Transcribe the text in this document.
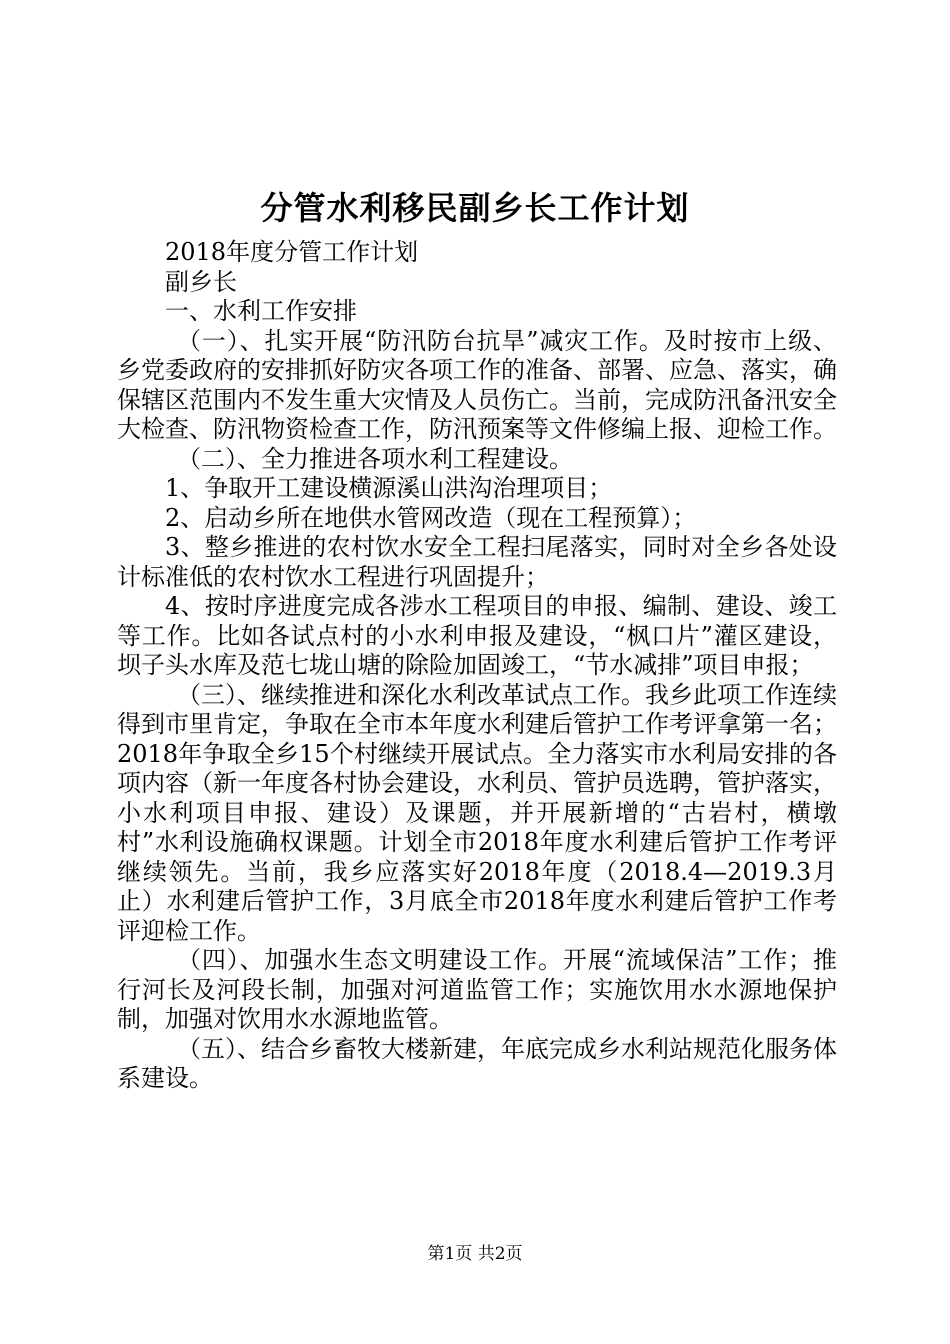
分管水利移民副乡长工作计划

2018年度分管工作计划

副乡长

一、水利工作安排

（一）、扎实开展“防汛防台抗旱”减灾工作。及时按市上级、乡党委政府的安排抓好防灾各项工作的准备、部署、应急、落实，确保辖区范围内不发生重大灾情及人员伤亡。当前，完成防汛备汛安全大检查、防汛物资检查工作，防汛预案等文件修编上报、迎检工作。

（二）、全力推进各项水利工程建设。

1、争取开工建设横源溪山洪沟治理项目；

2、启动乡所在地供水管网改造（现在工程预算）；

3、整乡推进的农村饮水安全工程扫尾落实，同时对全乡各处设计标准低的农村饮水工程进行巩固提升；

4、按时序进度完成各涉水工程项目的申报、编制、建设、竣工等工作。比如各试点村的小水利申报及建设，“枫口片”灌区建设，坝子头水库及范七垅山塘的除险加固竣工，“节水减排”项目申报；

（三）、继续推进和深化水利改革试点工作。我乡此项工作连续得到市里肯定，争取在全市本年度水利建后管护工作考评拿第一名；2018年争取全乡15个村继续开展试点。全力落实市水利局安排的各项内容（新一年度各村协会建设，水利员、管护员选聘，管护落实，小水利项目申报、建设）及课题，并开展新增的“古岩村，横墩村”水利设施确权课题。计划全市2018年度水利建后管护工作考评继续领先。当前，我乡应落实好2018年度（2018.4—2019.3月止）水利建后管护工作，3月底全市2018年度水利建后管护工作考评迎检工作。

（四）、加强水生态文明建设工作。开展“流域保洁”工作；推行河长及河段长制，加强对河道监管工作；实施饮用水水源地保护制，加强对饮用水水源地监管。

（五）、结合乡畜牧大楼新建，年底完成乡水利站规范化服务体系建设。

第1页 共2页
